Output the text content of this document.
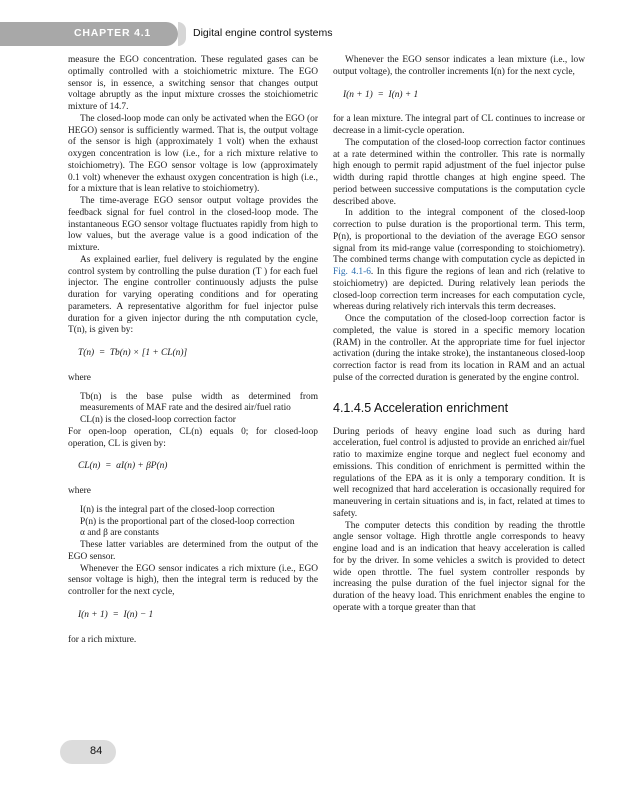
CHAPTER 4.1	Digital engine control systems

measure the EGO concentration. These regulated gases can be optimally controlled with a stoichiometric mixture. The EGO sensor is, in essence, a switching sensor that changes output voltage abruptly as the input mixture crosses the stoichiometric mixture of 14.7.

The closed-loop mode can only be activated when the EGO (or HEGO) sensor is sufficiently warmed. That is, the output voltage of the sensor is high (approximately 1 volt) when the exhaust oxygen concentration is low (i.e., for a rich mixture relative to stoichiometry). The EGO sensor voltage is low (approximately 0.1 volt) whenever the exhaust oxygen concentration is high (i.e., for a mixture that is lean relative to stoichiometry).

The time-average EGO sensor output voltage provides the feedback signal for fuel control in the closed-loop mode. The instantaneous EGO sensor voltage fluctuates rapidly from high to low values, but the average value is a good indication of the mixture.

As explained earlier, fuel delivery is regulated by the engine control system by controlling the pulse duration (T ) for each fuel injector. The engine controller continuously adjusts the pulse duration for varying operating conditions and for operating parameters. A representative algorithm for fuel injector pulse duration for a given injector during the nth computation cycle, T(n), is given by:

T(n)  =  Tb(n) × [1 + CL(n)]

where

Tb(n) is the base pulse width as determined from measurements of MAF rate and the desired air/fuel ratio

CL(n) is the closed-loop correction factor

For open-loop operation, CL(n) equals 0; for closed-loop operation, CL is given by:

CL(n)  =  αI(n) + βP(n)

where

I(n) is the integral part of the closed-loop correction

P(n) is the proportional part of the closed-loop correction

α and β are constants

These latter variables are determined from the output of the EGO sensor.

Whenever the EGO sensor indicates a rich mixture (i.e., EGO sensor voltage is high), then the integral term is reduced by the controller for the next cycle,

I(n + 1)  =  I(n) − 1

for a rich mixture.

Whenever the EGO sensor indicates a lean mixture (i.e., low output voltage), the controller increments I(n) for the next cycle,

I(n + 1)  =  I(n) + 1

for a lean mixture. The integral part of CL continues to increase or decrease in a limit-cycle operation.

The computation of the closed-loop correction factor continues at a rate determined within the controller. This rate is normally high enough to permit rapid adjustment of the fuel injector pulse width during rapid throttle changes at high engine speed. The period between successive computations is the computation cycle described above.

In addition to the integral component of the closed-loop correction to pulse duration is the proportional term. This term, P(n), is proportional to the deviation of the average EGO sensor signal from its mid-range value (corresponding to stoichiometry). The combined terms change with computation cycle as depicted in Fig. 4.1-6. In this figure the regions of lean and rich (relative to stoichiometry) are depicted. During relatively lean periods the closed-loop correction term increases for each computation cycle, whereas during relatively rich intervals this term decreases.

Once the computation of the closed-loop correction factor is completed, the value is stored in a specific memory location (RAM) in the controller. At the appropriate time for fuel injector activation (during the intake stroke), the instantaneous closed-loop correction factor is read from its location in RAM and an actual pulse of the corrected duration is generated by the engine control.

4.1.4.5 Acceleration enrichment

During periods of heavy engine load such as during hard acceleration, fuel control is adjusted to provide an enriched air/fuel ratio to maximize engine torque and neglect fuel economy and emissions. This condition of enrichment is permitted within the regulations of the EPA as it is only a temporary condition. It is well recognized that hard acceleration is occasionally required for maneuvering in certain situations and is, in fact, related at times to safety.

The computer detects this condition by reading the throttle angle sensor voltage. High throttle angle corresponds to heavy engine load and is an indication that heavy acceleration is called for by the driver. In some vehicles a switch is provided to detect wide open throttle. The fuel system controller responds by increasing the pulse duration of the fuel injector signal for the duration of the heavy load. This enrichment enables the engine to operate with a torque greater than that

84
